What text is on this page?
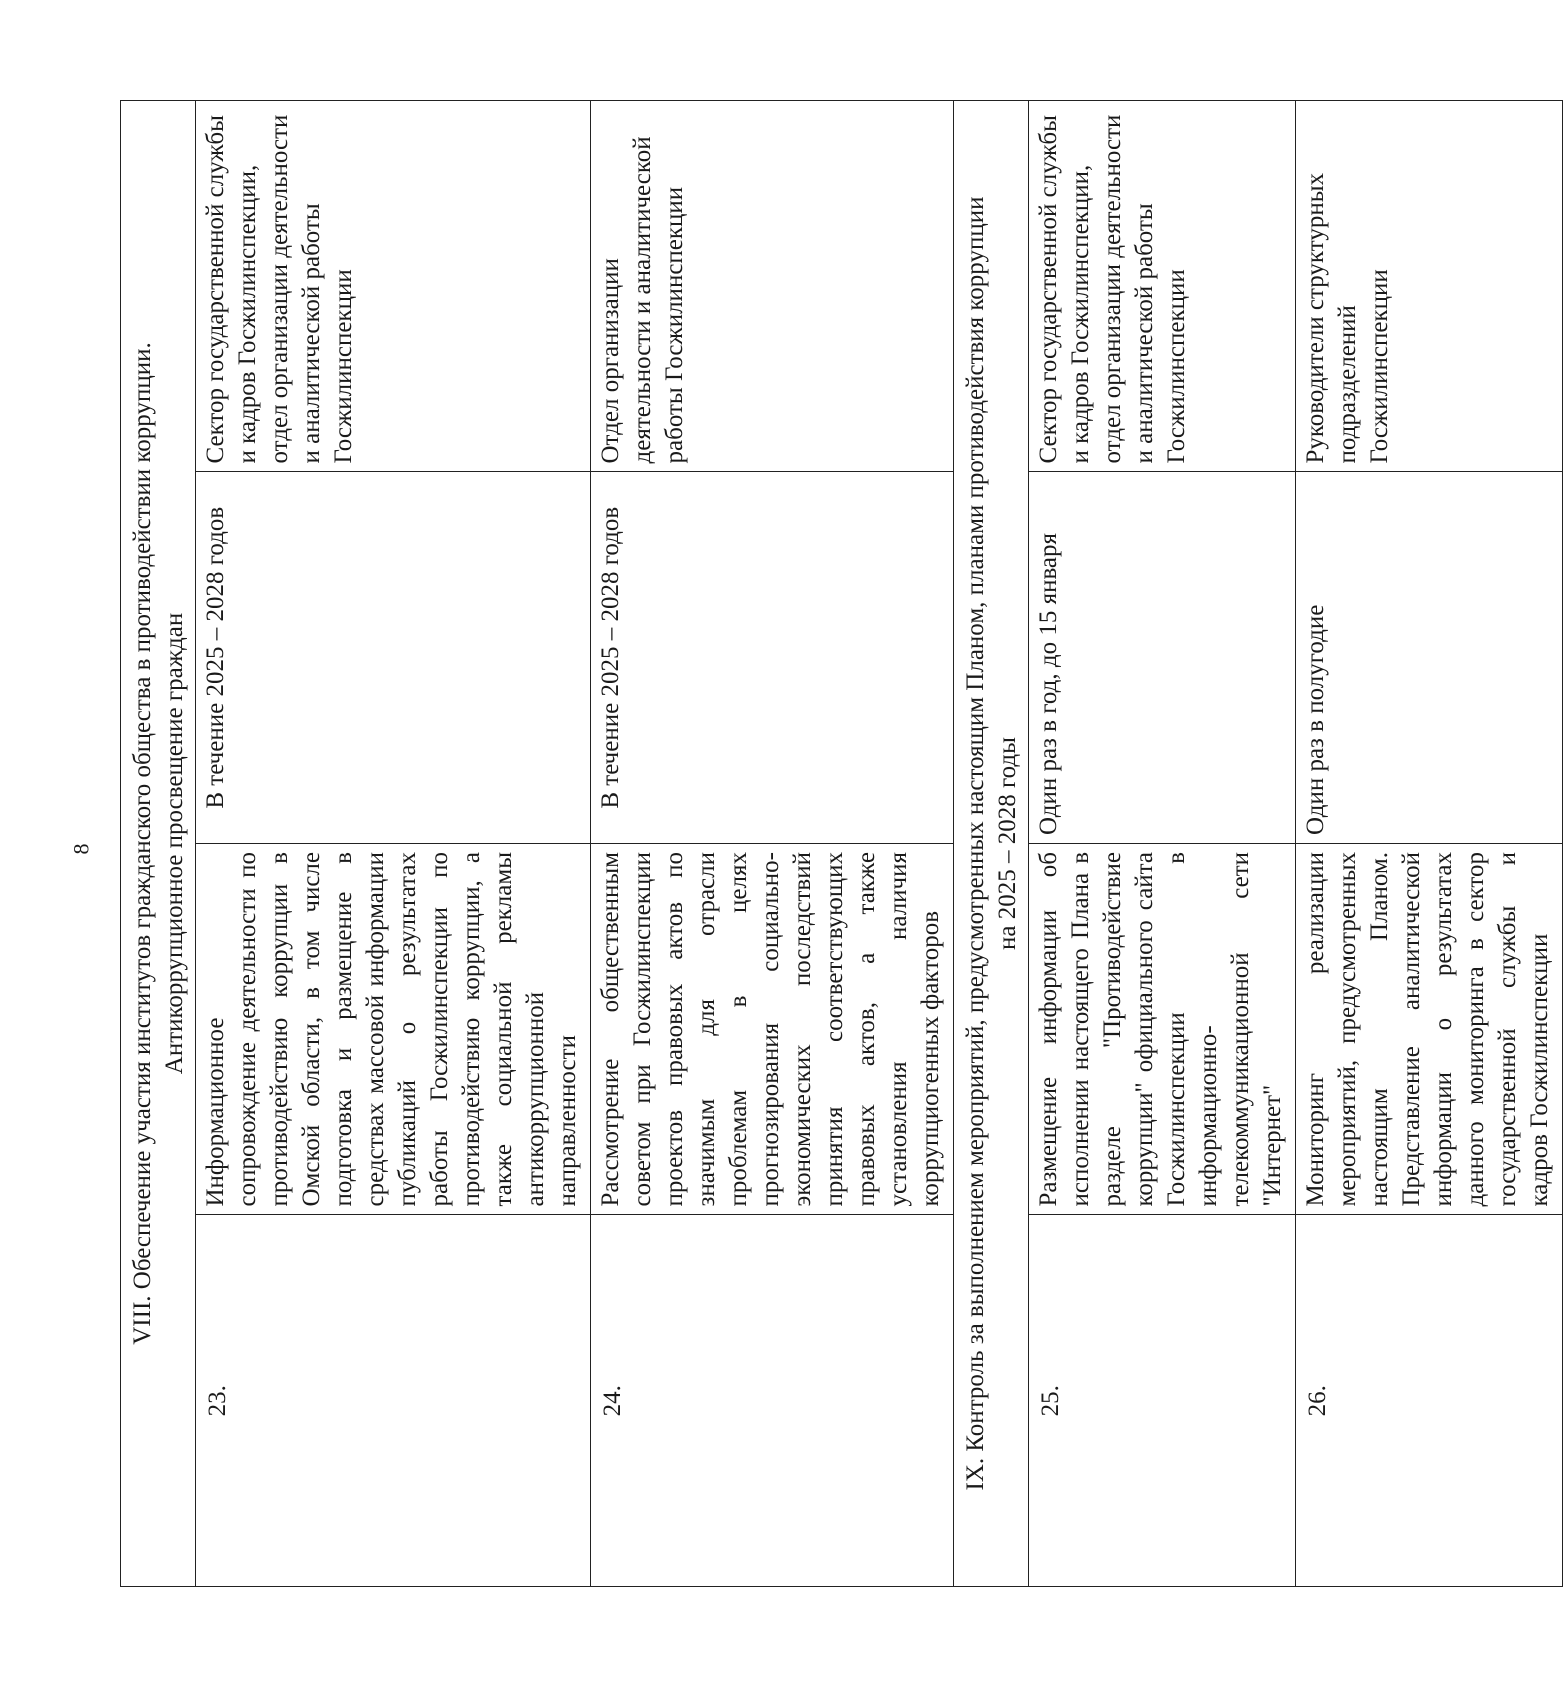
8 VIII. Обеспечение участия институтов гражданского общества в противодействии коррупции. Антикоррупционное просвещение граждан			

23.	Информационное сопровождение деятельности по противодействию коррупции в Омской области, в том числе подготовка и размещение в средствах массовой информации публикаций о результатах работы Госжилинспекции по противодействию коррупции, а также социальной рекламы антикоррупционной направленности	В течение 2025 – 2028 годов	Сектор государственной службы и кадров Госжилинспекции, отдел организации деятельности и аналитической работы Госжилинспекции
24.	Рассмотрение общественным советом при Госжилинспекции проектов правовых актов по значимым для отрасли проблемам в целях прогнозирования социально-экономических последствий принятия соответствующих правовых актов, а также установления наличия коррупциогенных факторов	В течение 2025 – 2028 годов	Отдел организации деятельности и аналитической работы Госжилинспекции

IX. Контроль за выполнением мероприятий, предусмотренных настоящим Планом, планами противодействия коррупции на 2025 – 2028 годы			

25.	Размещение информации об исполнении настоящего Плана в разделе "Противодействие коррупции" официального сайта Госжилинспекции в информационно-телекоммуникационной сети "Интернет"	Один раз в год, до 15 января	Сектор государственной службы и кадров Госжилинспекции, отдел организации деятельности и аналитической работы Госжилинспекции
26.	Мониторинг реализации мероприятий, предусмотренных настоящим Планом. Представление аналитической информации о результатах данного мониторинга в сектор государственной службы и кадров Госжилинспекции	Один раз в полугодие	Руководители структурных подразделений Госжилинспекции
